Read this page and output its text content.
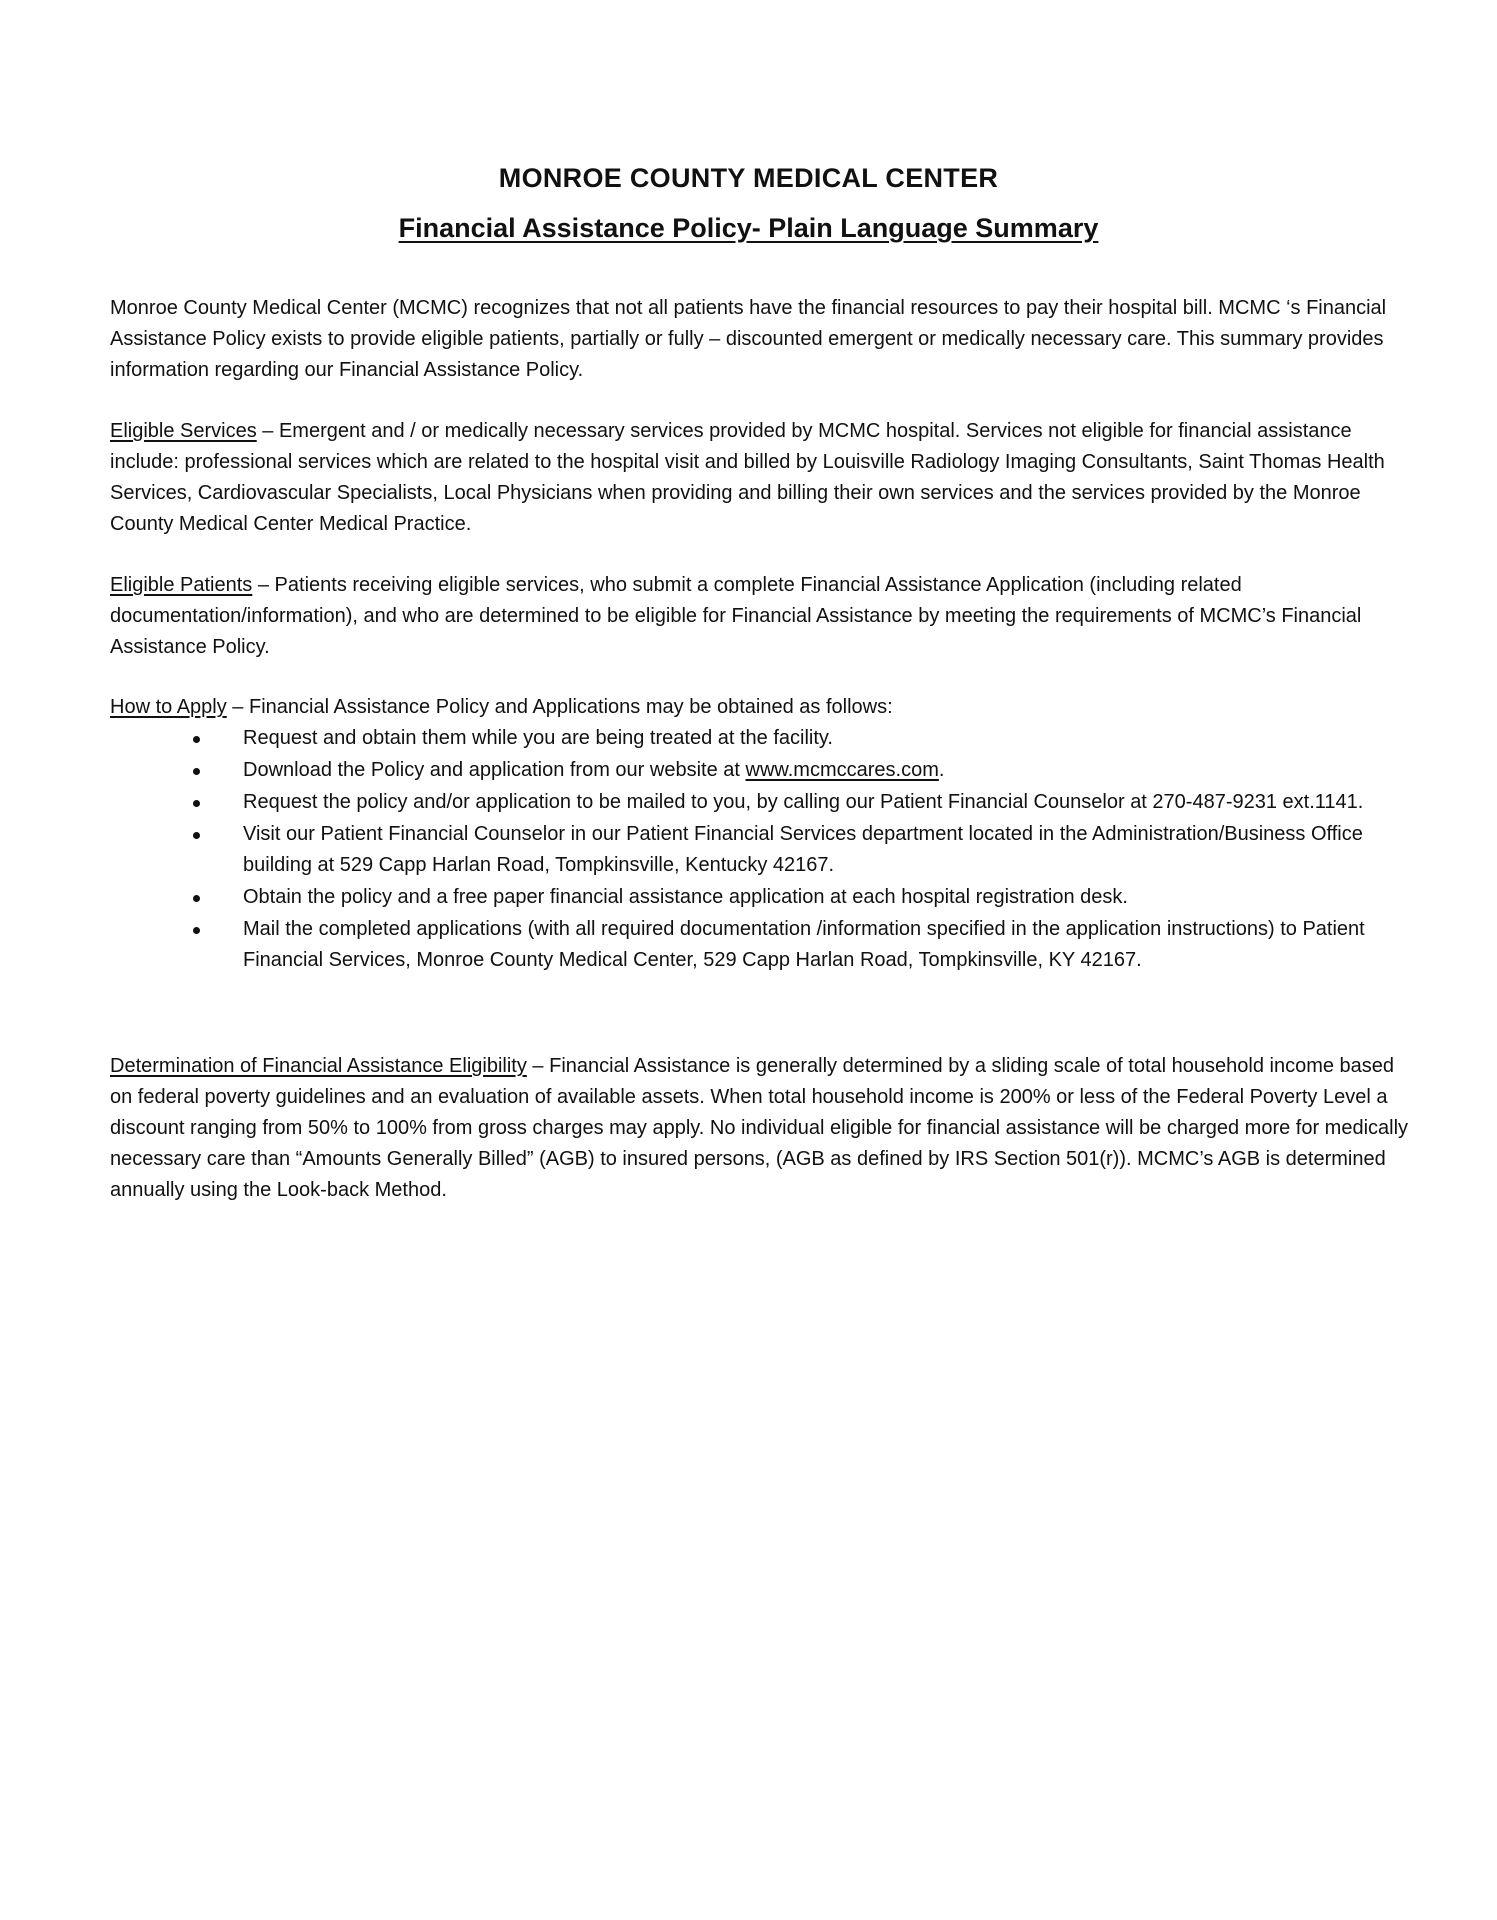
MONROE COUNTY MEDICAL CENTER
Financial Assistance Policy- Plain Language Summary
Monroe County Medical Center (MCMC) recognizes that not all patients have the financial resources to pay their hospital bill. MCMC ‘s Financial Assistance Policy exists to provide eligible patients, partially or fully – discounted emergent or medically necessary care. This summary provides information regarding our Financial Assistance Policy.
Eligible Services – Emergent and / or medically necessary services provided by MCMC hospital. Services not eligible for financial assistance include: professional services which are related to the hospital visit and billed by Louisville Radiology Imaging Consultants, Saint Thomas Health Services, Cardiovascular Specialists, Local Physicians when providing and billing their own services and the services provided by the Monroe County Medical Center Medical Practice.
Eligible Patients – Patients receiving eligible services, who submit a complete Financial Assistance Application (including related documentation/information), and who are determined to be eligible for Financial Assistance by meeting the requirements of MCMC’s Financial Assistance Policy.
How to Apply – Financial Assistance Policy and Applications may be obtained as follows:
Request and obtain them while you are being treated at the facility.
Download the Policy and application from our website at www.mcmccares.com.
Request the policy and/or application to be mailed to you, by calling our Patient Financial Counselor at 270-487-9231 ext.1141.
Visit our Patient Financial Counselor in our Patient Financial Services department located in the Administration/Business Office building at 529 Capp Harlan Road, Tompkinsville, Kentucky 42167.
Obtain the policy and a free paper financial assistance application at each hospital registration desk.
Mail the completed applications (with all required documentation /information specified in the application instructions) to Patient Financial Services, Monroe County Medical Center, 529 Capp Harlan Road, Tompkinsville, KY 42167.
Determination of Financial Assistance Eligibility – Financial Assistance is generally determined by a sliding scale of total household income based on federal poverty guidelines and an evaluation of available assets. When total household income is 200% or less of the Federal Poverty Level a discount ranging from 50% to 100% from gross charges may apply. No individual eligible for financial assistance will be charged more for medically necessary care than “Amounts Generally Billed” (AGB) to insured persons, (AGB as defined by IRS Section 501(r)). MCMC’s AGB is determined annually using the Look-back Method.
